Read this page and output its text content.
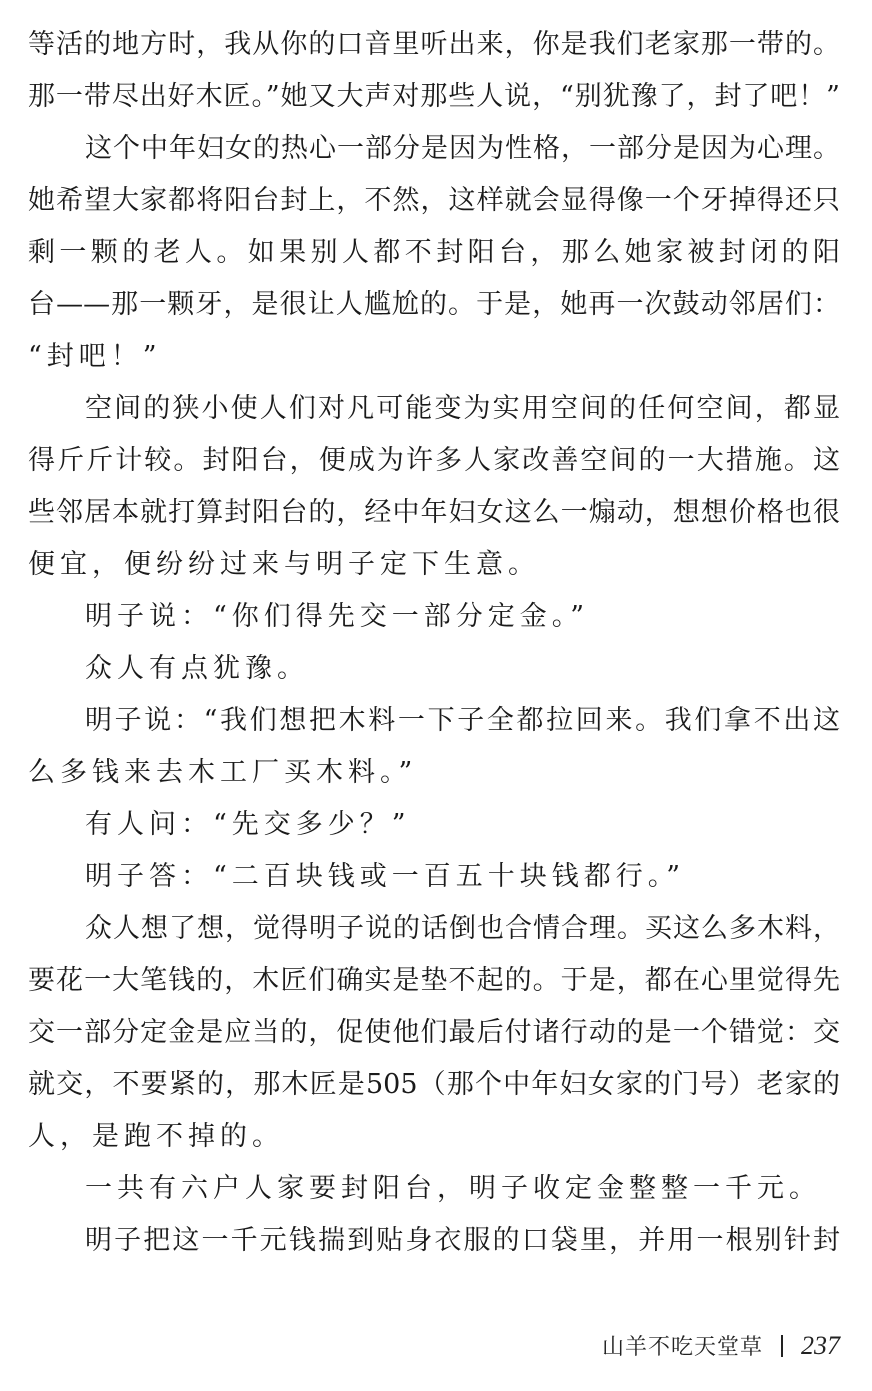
等活的地方时，我从你的口音里听出来，你是我们老家那一带的。
那一带尽出好木匠。”她又大声对那些人说，“别犹豫了，封了吧！”
这个中年妇女的热心一部分是因为性格，一部分是因为心理。
她希望大家都将阳台封上，不然，这样就会显得像一个牙掉得还只
剩一颗的老人。如果别人都不封阳台，那么她家被封闭的阳
台——那一颗牙，是很让人尴尬的。于是，她再一次鼓动邻居们：
“封吧！”
空间的狭小使人们对凡可能变为实用空间的任何空间，都显
得斤斤计较。封阳台，便成为许多人家改善空间的一大措施。这
些邻居本就打算封阳台的，经中年妇女这么一煽动，想想价格也很
便宜，便纷纷过来与明子定下生意。
明子说：“你们得先交一部分定金。”
众人有点犹豫。
明子说：“我们想把木料一下子全都拉回来。我们拿不出这
么多钱来去木工厂买木料。”
有人问：“先交多少？”
明子答：“二百块钱或一百五十块钱都行。”
众人想了想，觉得明子说的话倒也合情合理。买这么多木料，
要花一大笔钱的，木匠们确实是垫不起的。于是，都在心里觉得先
交一部分定金是应当的，促使他们最后付诸行动的是一个错觉：交
就交，不要紧的，那木匠是505（那个中年妇女家的门号）老家的
人，是跑不掉的。
一共有六户人家要封阳台，明子收定金整整一千元。
明子把这一千元钱揣到贴身衣服的口袋里，并用一根别针封
山羊不吃天堂草 237
